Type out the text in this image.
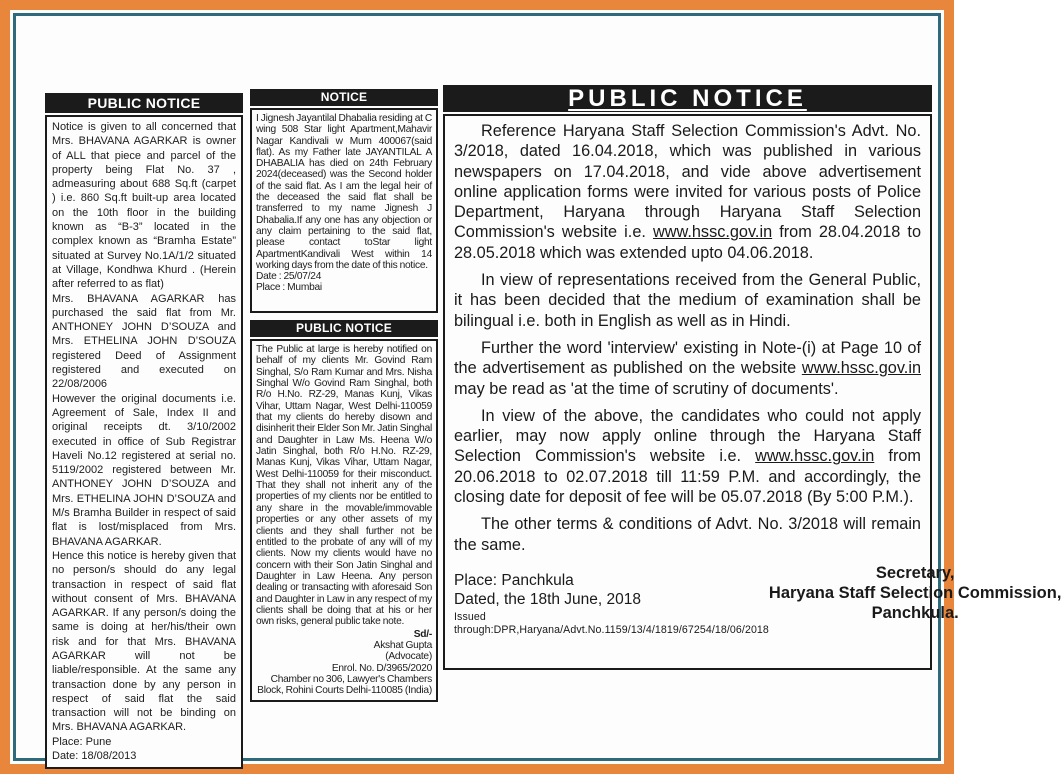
PUBLIC NOTICE

Notice is given to all concerned that Mrs. BHAVANA AGARKAR is owner of ALL that piece and parcel of the property being Flat No. 37 , admeasuring about 688 Sq.ft (carpet ) i.e. 860 Sq.ft built-up area located on the 10th floor in the building known as “B-3” located in the complex known as “Bramha Estate” situated at Survey No.1A/1/2 situated at Village, Kondhwa Khurd . (Herein after referred to as flat)

Mrs. BHAVANA AGARKAR has purchased the said flat from Mr. ANTHONEY JOHN D’SOUZA and Mrs. ETHELINA JOHN D’SOUZA registered Deed of Assignment registered and executed on 22/08/2006

However the original documents i.e. Agreement of Sale, Index II and original receipts dt. 3/10/2002 executed in office of Sub Registrar Haveli No.12 registered at serial no. 5119/2002 registered between Mr. ANTHONEY JOHN D’SOUZA and Mrs. ETHELINA JOHN D’SOUZA and M/s Bramha Builder in respect of said flat is lost/misplaced from Mrs. BHAVANA AGARKAR.

Hence this notice is hereby given that no person/s should do any legal transaction in respect of said flat without consent of Mrs. BHAVANA AGARKAR. If any person/s doing the same is doing at her/his/their own risk and for that Mrs. BHAVANA AGARKAR will not be liable/responsible. At the same any transaction done by any person in respect of said flat the said transaction will not be binding on Mrs. BHAVANA AGARKAR.

Place: Pune
Date: 18/08/2013
NOTICE

I Jignesh Jayantilal Dhabalia residing at C wing 508 Star light Apartment,Mahavir Nagar Kandivali w Mum 400067(said flat). As my Father late JAYANTILAL A DHABALIA has died on 24th February 2024(deceased) was the Second holder of the said flat. As I am the legal heir of the deceased the said flat shall be transferred to my name Jignesh J Dhabalia.If any one has any objection or any claim pertaining to the said flat, please contact toStar light ApartmentKandivali West within 14 working days from the date of this notice.

Date : 25/07/24
Place : Mumbai
PUBLIC NOTICE

The Public at large is hereby notified on behalf of my clients Mr. Govind Ram Singhal, S/o Ram Kumar and Mrs. Nisha Singhal W/o Govind Ram Singhal, both R/o H.No. RZ-29, Manas Kunj, Vikas Vihar, Uttam Nagar, West Delhi-110059 that my clients do hereby disown and disinherit their Elder Son Mr. Jatin Singhal and Daughter in Law Ms. Heena W/o Jatin Singhal, both R/o H.No. RZ-29, Manas Kunj, Vikas Vihar, Uttam Nagar, West Delhi-110059 for their misconduct. That they shall not inherit any of the properties of my clients nor be entitled to any share in the movable/immovable properties or any other assets of my clients and they shall further not be entitled to the probate of any will of my clients. Now my clients would have no concern with their Son Jatin Singhal and Daughter in Law Heena. Any person dealing or transacting with aforesaid Son and Daughter in Law in any respect of my clients shall be doing that at his or her own risks, general public take note.

Sd/-
Akshat Gupta
(Advocate)
Enrol. No. D/3965/2020
Chamber no 306, Lawyer's Chambers
Block, Rohini Courts Delhi-110085 (India)
PUBLIC NOTICE

Reference Haryana Staff Selection Commission's Advt. No. 3/2018, dated 16.04.2018, which was published in various newspapers on 17.04.2018, and vide above advertisement online application forms were invited for various posts of Police Department, Haryana through Haryana Staff Selection Commission's website i.e. www.hssc.gov.in from 28.04.2018 to 28.05.2018 which was extended upto 04.06.2018.

In view of representations received from the General Public, it has been decided that the medium of examination shall be bilingual i.e. both in English as well as in Hindi.

Further the word 'interview' existing in Note-(i) at Page 10 of the advertisement as published on the website www.hssc.gov.in may be read as 'at the time of scrutiny of documents'.

In view of the above, the candidates who could not apply earlier, may now apply online through the Haryana Staff Selection Commission's website i.e. www.hssc.gov.in from 20.06.2018 to 02.07.2018 till 11:59 P.M. and accordingly, the closing date for deposit of fee will be 05.07.2018 (By 5:00 P.M.).

The other terms & conditions of Advt. No. 3/2018 will remain the same.

Place: Panchkula
Dated, the 18th June, 2018
Issued through:DPR,Haryana/Advt.No.1159/13/4/1819/67254/18/06/2018
Secretary,
Haryana Staff Selection Commission,
Panchkula.
